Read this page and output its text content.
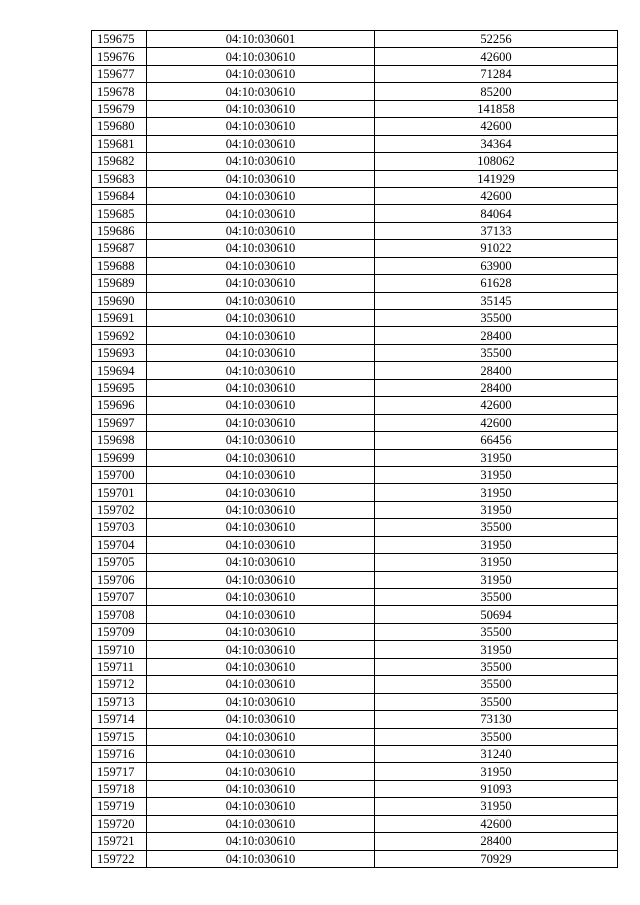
159675	04:10:030601	52256
159676	04:10:030610	42600
159677	04:10:030610	71284
159678	04:10:030610	85200
159679	04:10:030610	141858
159680	04:10:030610	42600
159681	04:10:030610	34364
159682	04:10:030610	108062
159683	04:10:030610	141929
159684	04:10:030610	42600
159685	04:10:030610	84064
159686	04:10:030610	37133
159687	04:10:030610	91022
159688	04:10:030610	63900
159689	04:10:030610	61628
159690	04:10:030610	35145
159691	04:10:030610	35500
159692	04:10:030610	28400
159693	04:10:030610	35500
159694	04:10:030610	28400
159695	04:10:030610	28400
159696	04:10:030610	42600
159697	04:10:030610	42600
159698	04:10:030610	66456
159699	04:10:030610	31950
159700	04:10:030610	31950
159701	04:10:030610	31950
159702	04:10:030610	31950
159703	04:10:030610	35500
159704	04:10:030610	31950
159705	04:10:030610	31950
159706	04:10:030610	31950
159707	04:10:030610	35500
159708	04:10:030610	50694
159709	04:10:030610	35500
159710	04:10:030610	31950
159711	04:10:030610	35500
159712	04:10:030610	35500
159713	04:10:030610	35500
159714	04:10:030610	73130
159715	04:10:030610	35500
159716	04:10:030610	31240
159717	04:10:030610	31950
159718	04:10:030610	91093
159719	04:10:030610	31950
159720	04:10:030610	42600
159721	04:10:030610	28400
159722	04:10:030610	70929
